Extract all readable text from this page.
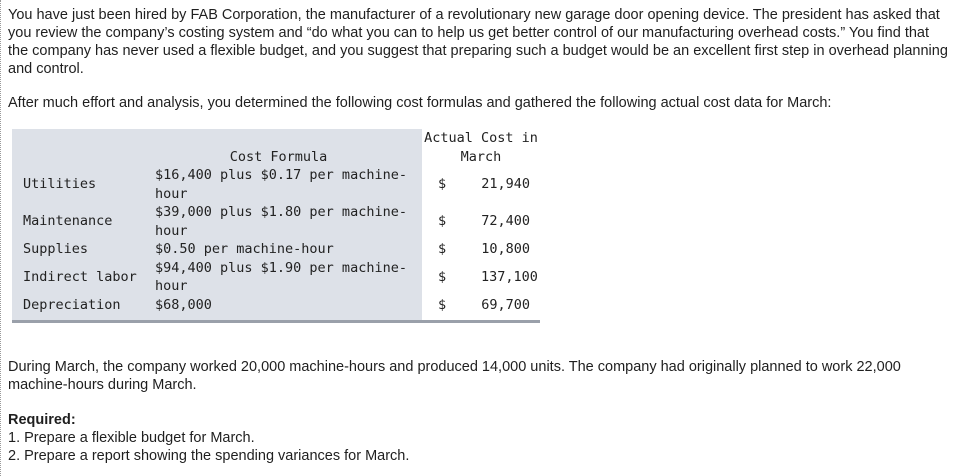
You have just been hired by FAB Corporation, the manufacturer of a revolutionary new garage door opening device. The president has asked that you review the company’s costing system and “do what you can to help us get better control of our manufacturing overhead costs.” You find that the company has never used a flexible budget, and you suggest that preparing such a budget would be an excellent first step in overhead planning and control.

After much effort and analysis, you determined the following cost formulas and gathered the following actual cost data for March:

	Cost Formula	Actual Cost in
March	

Utilities	$16,400 plus $0.17 per machine-hour	$	21,940
Maintenance	$39,000 plus $1.80 per machine-hour	$	72,400
Supplies	$0.50 per machine-hour	$	10,800
Indirect labor	$94,400 plus $1.90 per machine-hour	$	137,100
Depreciation	$68,000	$	69,700

During March, the company worked 20,000 machine-hours and produced 14,000 units. The company had originally planned to work 22,000 machine-hours during March.

Required:

1. Prepare a flexible budget for March.

2. Prepare a report showing the spending variances for March.
